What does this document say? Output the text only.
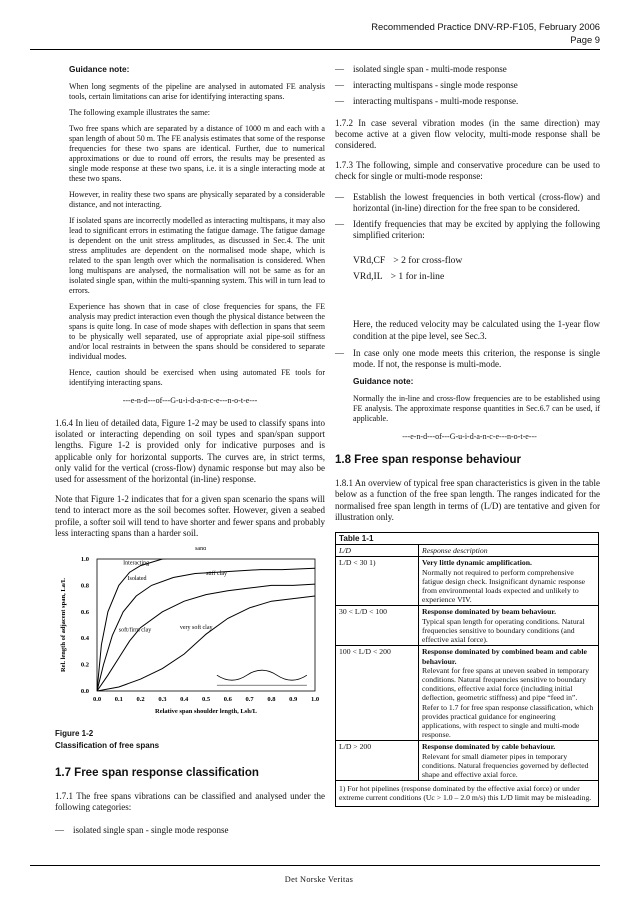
Recommended Practice DNV-RP-F105, February 2006
Page 9
Guidance note:

When long segments of the pipeline are analysed in automated FE analysis tools, certain limitations can arise for identifying interacting spans.

The following example illustrates the same:

Two free spans which are separated by a distance of 1000 m and each with a span length of about 50 m. The FE analysis estimates that some of the response frequencies for these two spans are identical. Further, due to numerical approximations or due to round off errors, the results may be presented as single mode response at these two spans, i.e. it is a single interacting mode at these two spans.

However, in reality these two spans are physically separated by a considerable distance, and not interacting.

If isolated spans are incorrectly modelled as interacting multispans, it may also lead to significant errors in estimating the fatigue damage. The fatigue damage is dependent on the unit stress amplitudes, as discussed in Sec.4. The unit stress amplitudes are dependent on the normalised mode shape, which is related to the span length over which the normalisation is considered. When long multispans are analysed, the normalisation will not be same as for an isolated single span, within the multi-spanning system. This will in turn lead to errors.

Experience has shown that in case of close frequencies for spans, the FE analysis may predict interaction even though the physical distance between the spans is quite long. In case of mode shapes with deflection in spans that seem to be physically well separated, use of appropriate axial pipe-soil stiffness and/or local restraints in between the spans should be considered to separate individual modes.

Hence, caution should be exercised when using automated FE tools for identifying interacting spans.

---e-n-d---of---G-u-i-d-a-n-c-e---n-o-t-e---
1.6.4 In lieu of detailed data, Figure 1-2 may be used to classify spans into isolated or interacting depending on soil types and span/span support lengths. Figure 1-2 is provided only for indicative purposes and is applicable only for horizontal supports. The curves are, in strict terms, only valid for the vertical (cross-flow) dynamic response but may also be used for assessment of the horizontal (in-line) response.
Note that Figure 1-2 indicates that for a given span scenario the spans will tend to interact more as the soil becomes softer. However, given a seabed profile, a softer soil will tend to have shorter and fewer spans and probably less interacting spans than a harder soil.
0.0 0.1 0.2 0.3 0.4 0.5 0.6 0.7 0.8 0.9 1.0
0.0
0.2
0.4
0.6
0.8
1.0
Relative span shoulder length, Lsh/L
Rel. length of adjacent span, La/L
Interacting
Isolated
sand
stiff clay
soft/firm clay	very soft clay
Figure 1-2
Classification of free spans
1.7 Free span response classification
1.7.1 The free spans vibrations can be classified and analysed under the following categories:
—	isolated single span - single mode response
—	isolated single span - multi-mode response
—	interacting multispans - single mode response
—	interacting multispans - multi-mode response.
1.7.2 In case several vibration modes (in the same direction) may become active at a given flow velocity, multi-mode response shall be considered.
1.7.3 The following, simple and conservative procedure can be used to check for single or multi-mode response:
—	Establish the lowest frequencies in both vertical (cross-flow) and horizontal (in-line) direction for the free span to be considered.
—	Identify frequencies that may be excited by applying the following simplified criterion:
VRd,CF > 2 for cross-flow
VRd,IL > 1 for in-line
Here, the reduced velocity may be calculated using the 1-year flow condition at the pipe level, see Sec.3.
—	In case only one mode meets this criterion, the response is single mode. If not, the response is multi-mode.
Guidance note:

Normally the in-line and cross-flow frequencies are to be established using FE analysis. The approximate response quantities in Sec.6.7 can be used, if applicable.

---e-n-d---of---G-u-i-d-a-n-c-e---n-o-t-e---
1.8 Free span response behaviour
1.8.1 An overview of typical free span characteristics is given in the table below as a function of the free span length. The ranges indicated for the normalised free span length in terms of (L/D) are tentative and given for illustration only.
Table 1-1	
L/D	Response description
L/D < 30 1)	Very little dynamic amplification.
Normally not required to perform comprehensive fatigue design check. Insignificant dynamic response from environmental loads expected and unlikely to experience VIV.
30 < L/D < 100	Response dominated by beam behaviour.
Typical span length for operating conditions. Natural frequencies sensitive to boundary conditions (and effective axial force).
100 < L/D < 200	Response dominated by combined beam and cable behaviour.
Relevant for free spans at uneven seabed in temporary conditions. Natural frequencies sensitive to boundary conditions, effective axial force (including initial deflection, geometric stiffness) and pipe “feed in”. Refer to 1.7 for free span response classification, which provides practical guidance for engineering applications, with respect to single and multi-mode response.
L/D > 200	Response dominated by cable behaviour.
Relevant for small diameter pipes in temporary conditions. Natural frequencies governed by deflected shape and effective axial force.
1) For hot pipelines (response dominated by the effective axial force) or under extreme current conditions (Uc > 1.0 – 2.0 m/s) this L/D limit may be misleading.	
Det Norske Veritas
